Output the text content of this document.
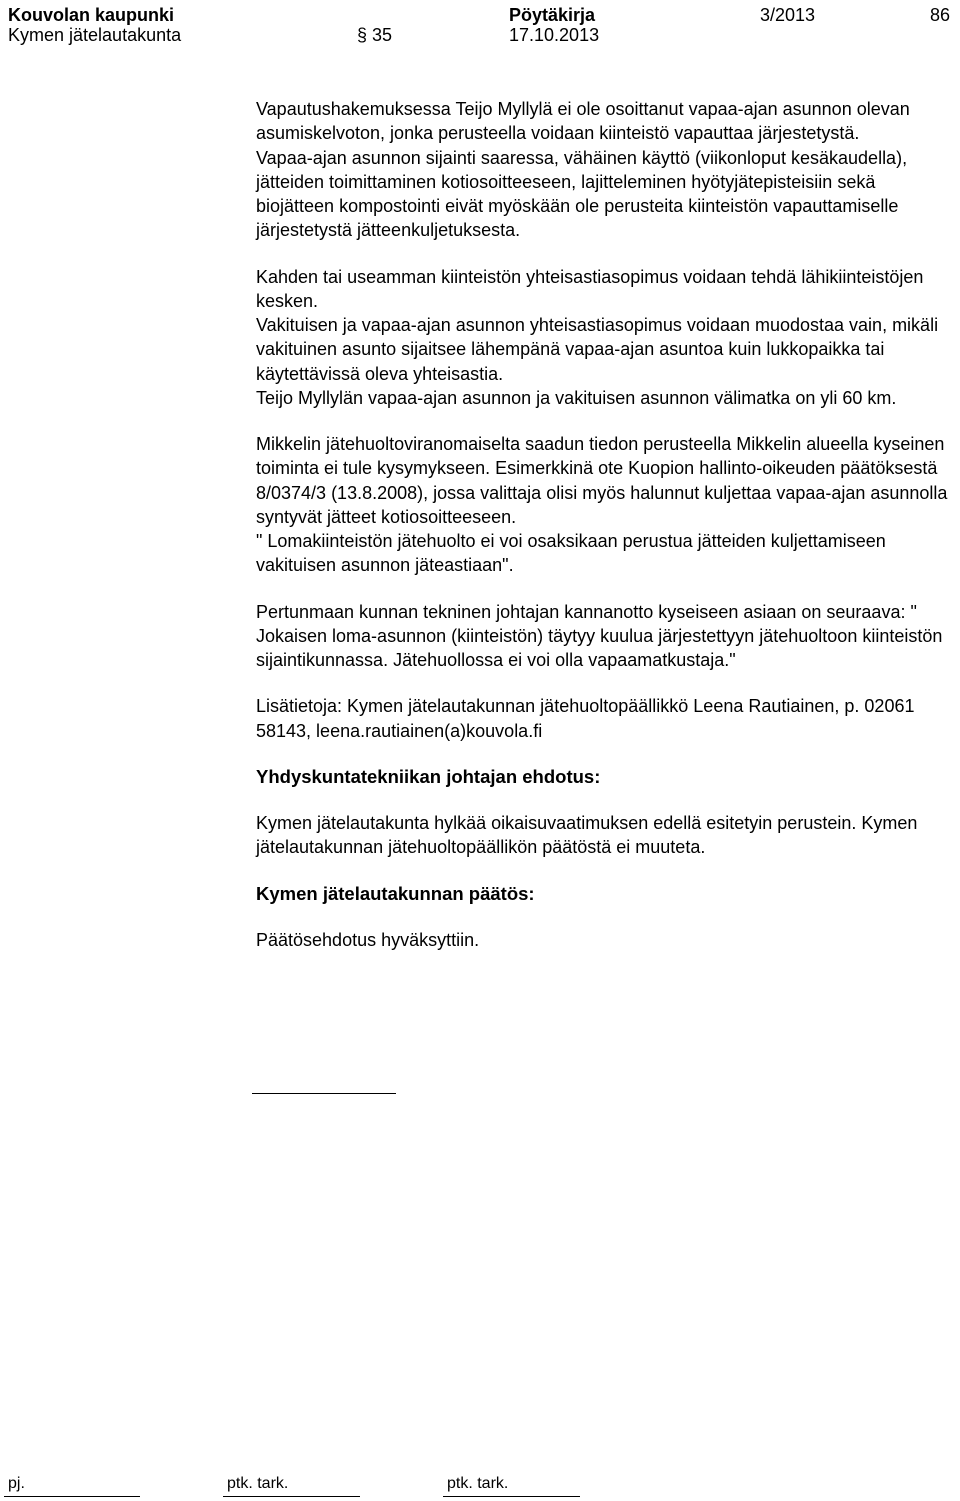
Kouvolan kaupunki	Pöytäkirja	3/2013	86
Kymen jätelautakunta	§ 35	17.10.2013

Vapautushakemuksessa Teijo Myllylä ei ole osoittanut vapaa-ajan asunnon olevan asumiskelvoton, jonka perusteella voidaan kiinteistö vapauttaa järjestetystä.

Vapaa-ajan asunnon sijainti saaressa, vähäinen käyttö (viikonloput kesäkaudella), jätteiden toimittaminen kotiosoitteeseen, lajitteleminen hyötyjätepisteisiin sekä biojätteen kompostointi eivät myöskään ole perusteita kiinteistön vapauttamiselle järjestetystä jätteenkuljetuksesta.

Kahden tai useamman kiinteistön yhteisastiasopimus voidaan tehdä lähikiinteistöjen kesken.

Vakituisen ja vapaa-ajan asunnon yhteisastiasopimus voidaan muodostaa vain, mikäli vakituinen asunto sijaitsee lähempänä vapaa-ajan asuntoa kuin lukkopaikka tai käytettävissä oleva yhteisastia.

Teijo Myllylän vapaa-ajan asunnon ja vakituisen asunnon välimatka on yli 60 km.

Mikkelin jätehuoltoviranomaiselta saadun tiedon perusteella Mikkelin alueella kyseinen toiminta ei tule kysymykseen. Esimerkkinä ote Kuopion hallinto-oikeuden päätöksestä 8/0374/3 (13.8.2008), jossa valittaja olisi myös halunnut kuljettaa vapaa-ajan asunnolla syntyvät jätteet kotiosoitteeseen.

" Lomakiinteistön jätehuolto ei voi osaksikaan perustua jätteiden kuljettamiseen vakituisen asunnon jäteastiaan".

Pertunmaan kunnan tekninen johtajan kannanotto kyseiseen asiaan on seuraava: " Jokaisen loma-asunnon (kiinteistön) täytyy kuulua järjestettyyn jätehuoltoon kiinteistön sijaintikunnassa. Jätehuollossa ei voi olla vapaamatkustaja."

Lisätietoja: Kymen jätelautakunnan jätehuoltopäällikkö Leena Rautiainen, p. 02061 58143, leena.rautiainen(a)kouvola.fi

Yhdyskuntatekniikan johtajan ehdotus:

Kymen jätelautakunta hylkää oikaisuvaatimuksen edellä esitetyin perustein. Kymen jätelautakunnan jätehuoltopäällikön päätöstä ei muuteta.

Kymen jätelautakunnan päätös:

Päätösehdotus hyväksyttiin.

pj.	ptk. tark.	ptk. tark.
